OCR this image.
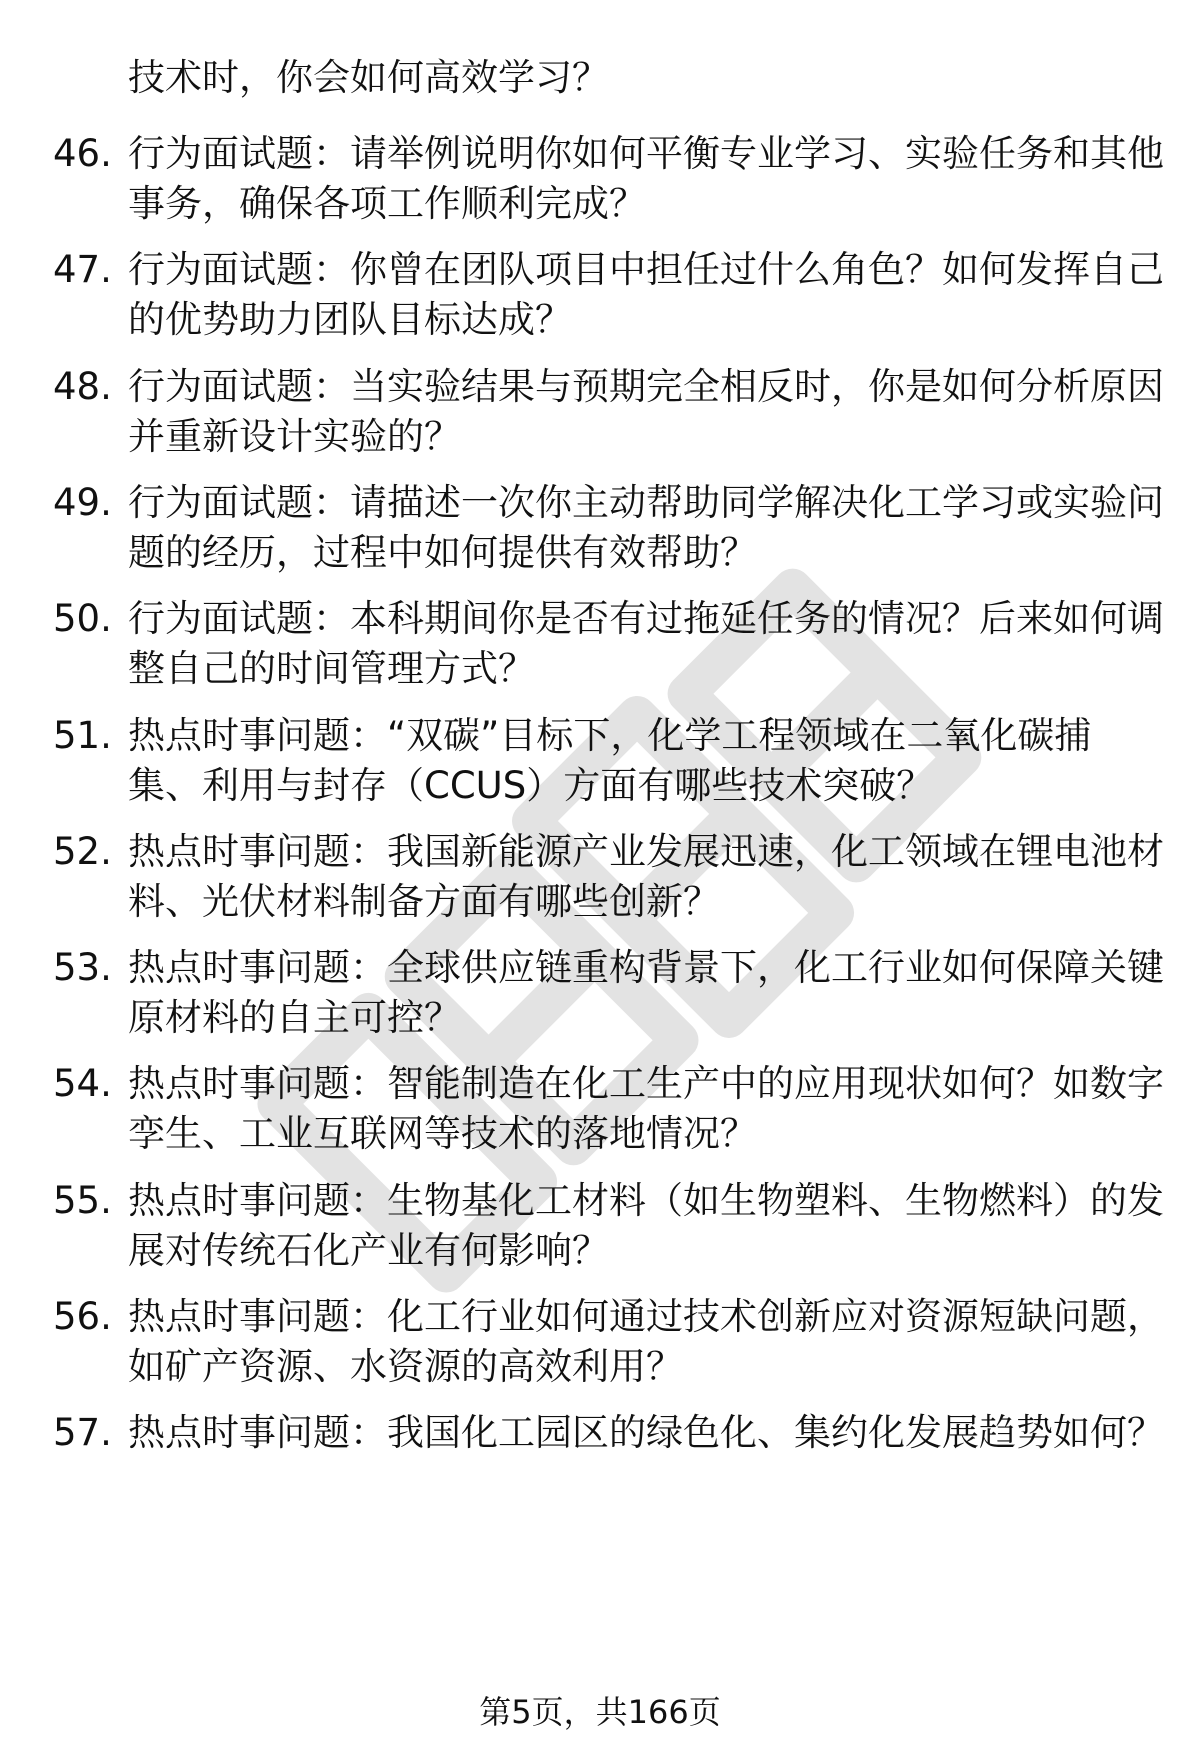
技术时，你会如何高效学习？
46. 行为面试题：请举例说明你如何平衡专业学习、实验任务和其他
事务，确保各项工作顺利完成？
47. 行为面试题：你曾在团队项目中担任过什么角色？如何发挥自己
的优势助力团队目标达成？
48. 行为面试题：当实验结果与预期完全相反时，你是如何分析原因
并重新设计实验的？
49. 行为面试题：请描述一次你主动帮助同学解决化工学习或实验问
题的经历，过程中如何提供有效帮助？
50. 行为面试题：本科期间你是否有过拖延任务的情况？后来如何调
整自己的时间管理方式？
51. 热点时事问题：“双碳”目标下，化学工程领域在二氧化碳捕
集、利用与封存（CCUS）方面有哪些技术突破？
52. 热点时事问题：我国新能源产业发展迅速，化工领域在锂电池材
料、光伏材料制备方面有哪些创新？
53. 热点时事问题：全球供应链重构背景下，化工行业如何保障关键
原材料的自主可控？
54. 热点时事问题：智能制造在化工生产中的应用现状如何？如数字
孪生、工业互联网等技术的落地情况？
55. 热点时事问题：生物基化工材料（如生物塑料、生物燃料）的发
展对传统石化产业有何影响？
56. 热点时事问题：化工行业如何通过技术创新应对资源短缺问题，
如矿产资源、水资源的高效利用？
57. 热点时事问题：我国化工园区的绿色化、集约化发展趋势如何？
第5页，共166页
